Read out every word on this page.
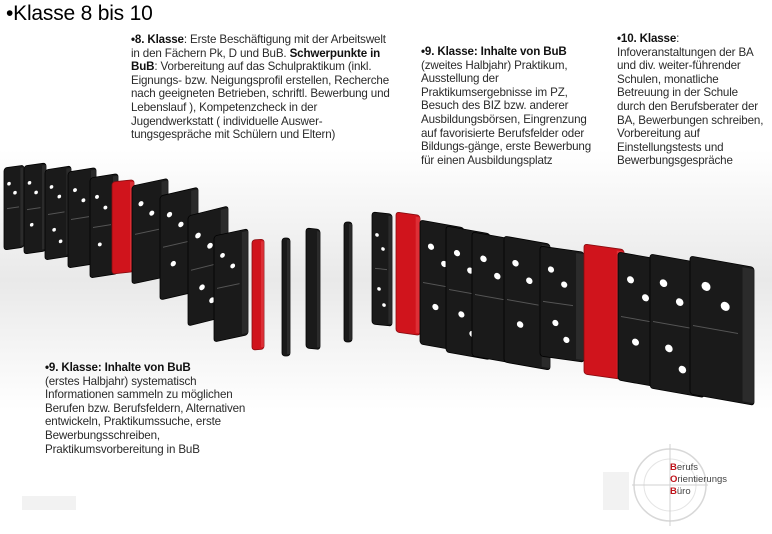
•Klasse 8 bis 10
•8. Klasse: Erste Beschäftigung mit der Arbeitswelt in den Fächern Pk, D und BuB. Schwerpunkte in BuB: Vorbereitung auf das Schulpraktikum (inkl. Eignungs- bzw. Neigungsprofil erstellen, Recherche nach geeigneten Betrieben, schriftl. Bewerbung und Lebenslauf ), Kompetenzcheck in der Jugendwerkstatt ( individuelle Auswer-tungsgespräche mit Schülern und Eltern)
•9. Klasse: Inhalte von BuB
(zweites Halbjahr) Praktikum, Ausstellung der Praktikumsergebnisse im PZ, Besuch des BIZ bzw. anderer Ausbildungsbörsen, Eingrenzung auf favorisierte Berufsfelder oder Bildungs-gänge, erste Bewerbung für einen Ausbildungsplatz
•10. Klasse: Infoveranstaltungen der BA und div. weiter-führender Schulen, monatliche Betreuung in der Schule durch den Berufsberater der BA, Bewerbungen schreiben, Vorbereitung auf Einstellungstests und Bewerbungsgespräche
•9. Klasse: Inhalte von BuB
(erstes Halbjahr) systematisch Informationen sammeln zu möglichen Berufen bzw. Berufsfeldern, Alternativen entwickeln, Praktikumssuche, erste Bewerbungsschreiben, Praktikumsvorbereitung in BuB
Berufs
Orientierungs
Büro
